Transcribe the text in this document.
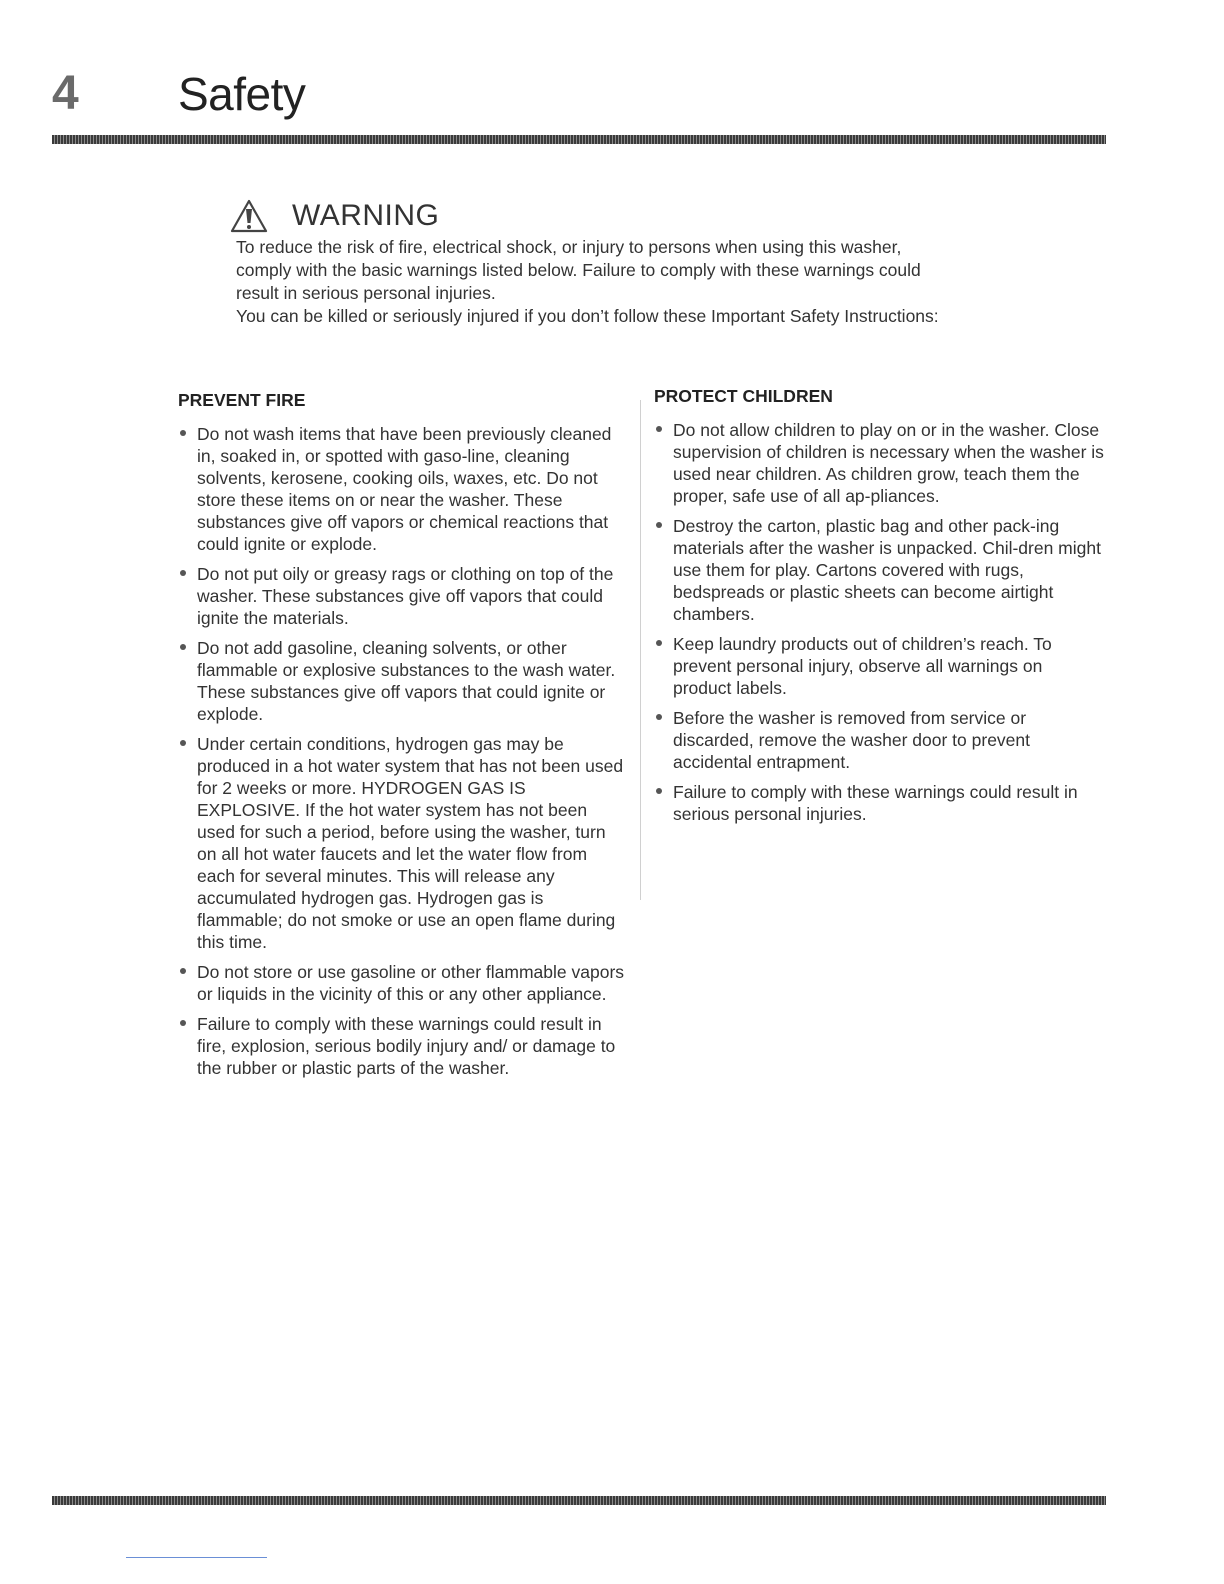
4 Safety
WARNING

To reduce the risk of fire, electrical shock, or injury to persons when using this washer,

comply with the basic warnings listed below. Failure to comply with these warnings could

result in serious personal injuries.

You can be killed or seriously injured if you don’t follow these Important Safety Instructions:

PREVENT FIRE
Do not wash items that have been previously cleaned in, soaked in, or spotted with gaso-line, cleaning solvents, kerosene, cooking oils, waxes, etc. Do not store these items on or near the washer. These substances give off vapors or chemical reactions that could ignite or explode.
Do not put oily or greasy rags or clothing on top of the washer. These substances give off vapors that could ignite the materials.
Do not add gasoline, cleaning solvents, or other flammable or explosive substances to the wash water. These substances give off vapors that could ignite or explode.
Under certain conditions, hydrogen gas may be produced in a hot water system that has not been used for 2 weeks or more. HYDROGEN GAS IS EXPLOSIVE. If the hot water system has not been used for such a period, before using the washer, turn on all hot water faucets and let the water flow from each for several minutes. This will release any accumulated hydrogen gas. Hydrogen gas is flammable; do not smoke or use an open flame during this time.
Do not store or use gasoline or other flammable vapors or liquids in the vicinity of this or any other appliance.
Failure to comply with these warnings could result in fire, explosion, serious bodily injury and/ or damage to the rubber or plastic parts of the washer.
PROTECT CHILDREN
Do not allow children to play on or in the washer. Close supervision of children is necessary when the washer is used near children. As children grow, teach them the proper, safe use of all ap-pliances.
Destroy the carton, plastic bag and other pack-ing materials after the washer is unpacked. Chil-dren might use them for play. Cartons covered with rugs, bedspreads or plastic sheets can become airtight chambers.
Keep laundry products out of children’s reach. To prevent personal injury, observe all warnings on product labels.
Before the washer is removed from service or discarded, remove the washer door to prevent accidental entrapment.
Failure to comply with these warnings could result in serious personal injuries.
